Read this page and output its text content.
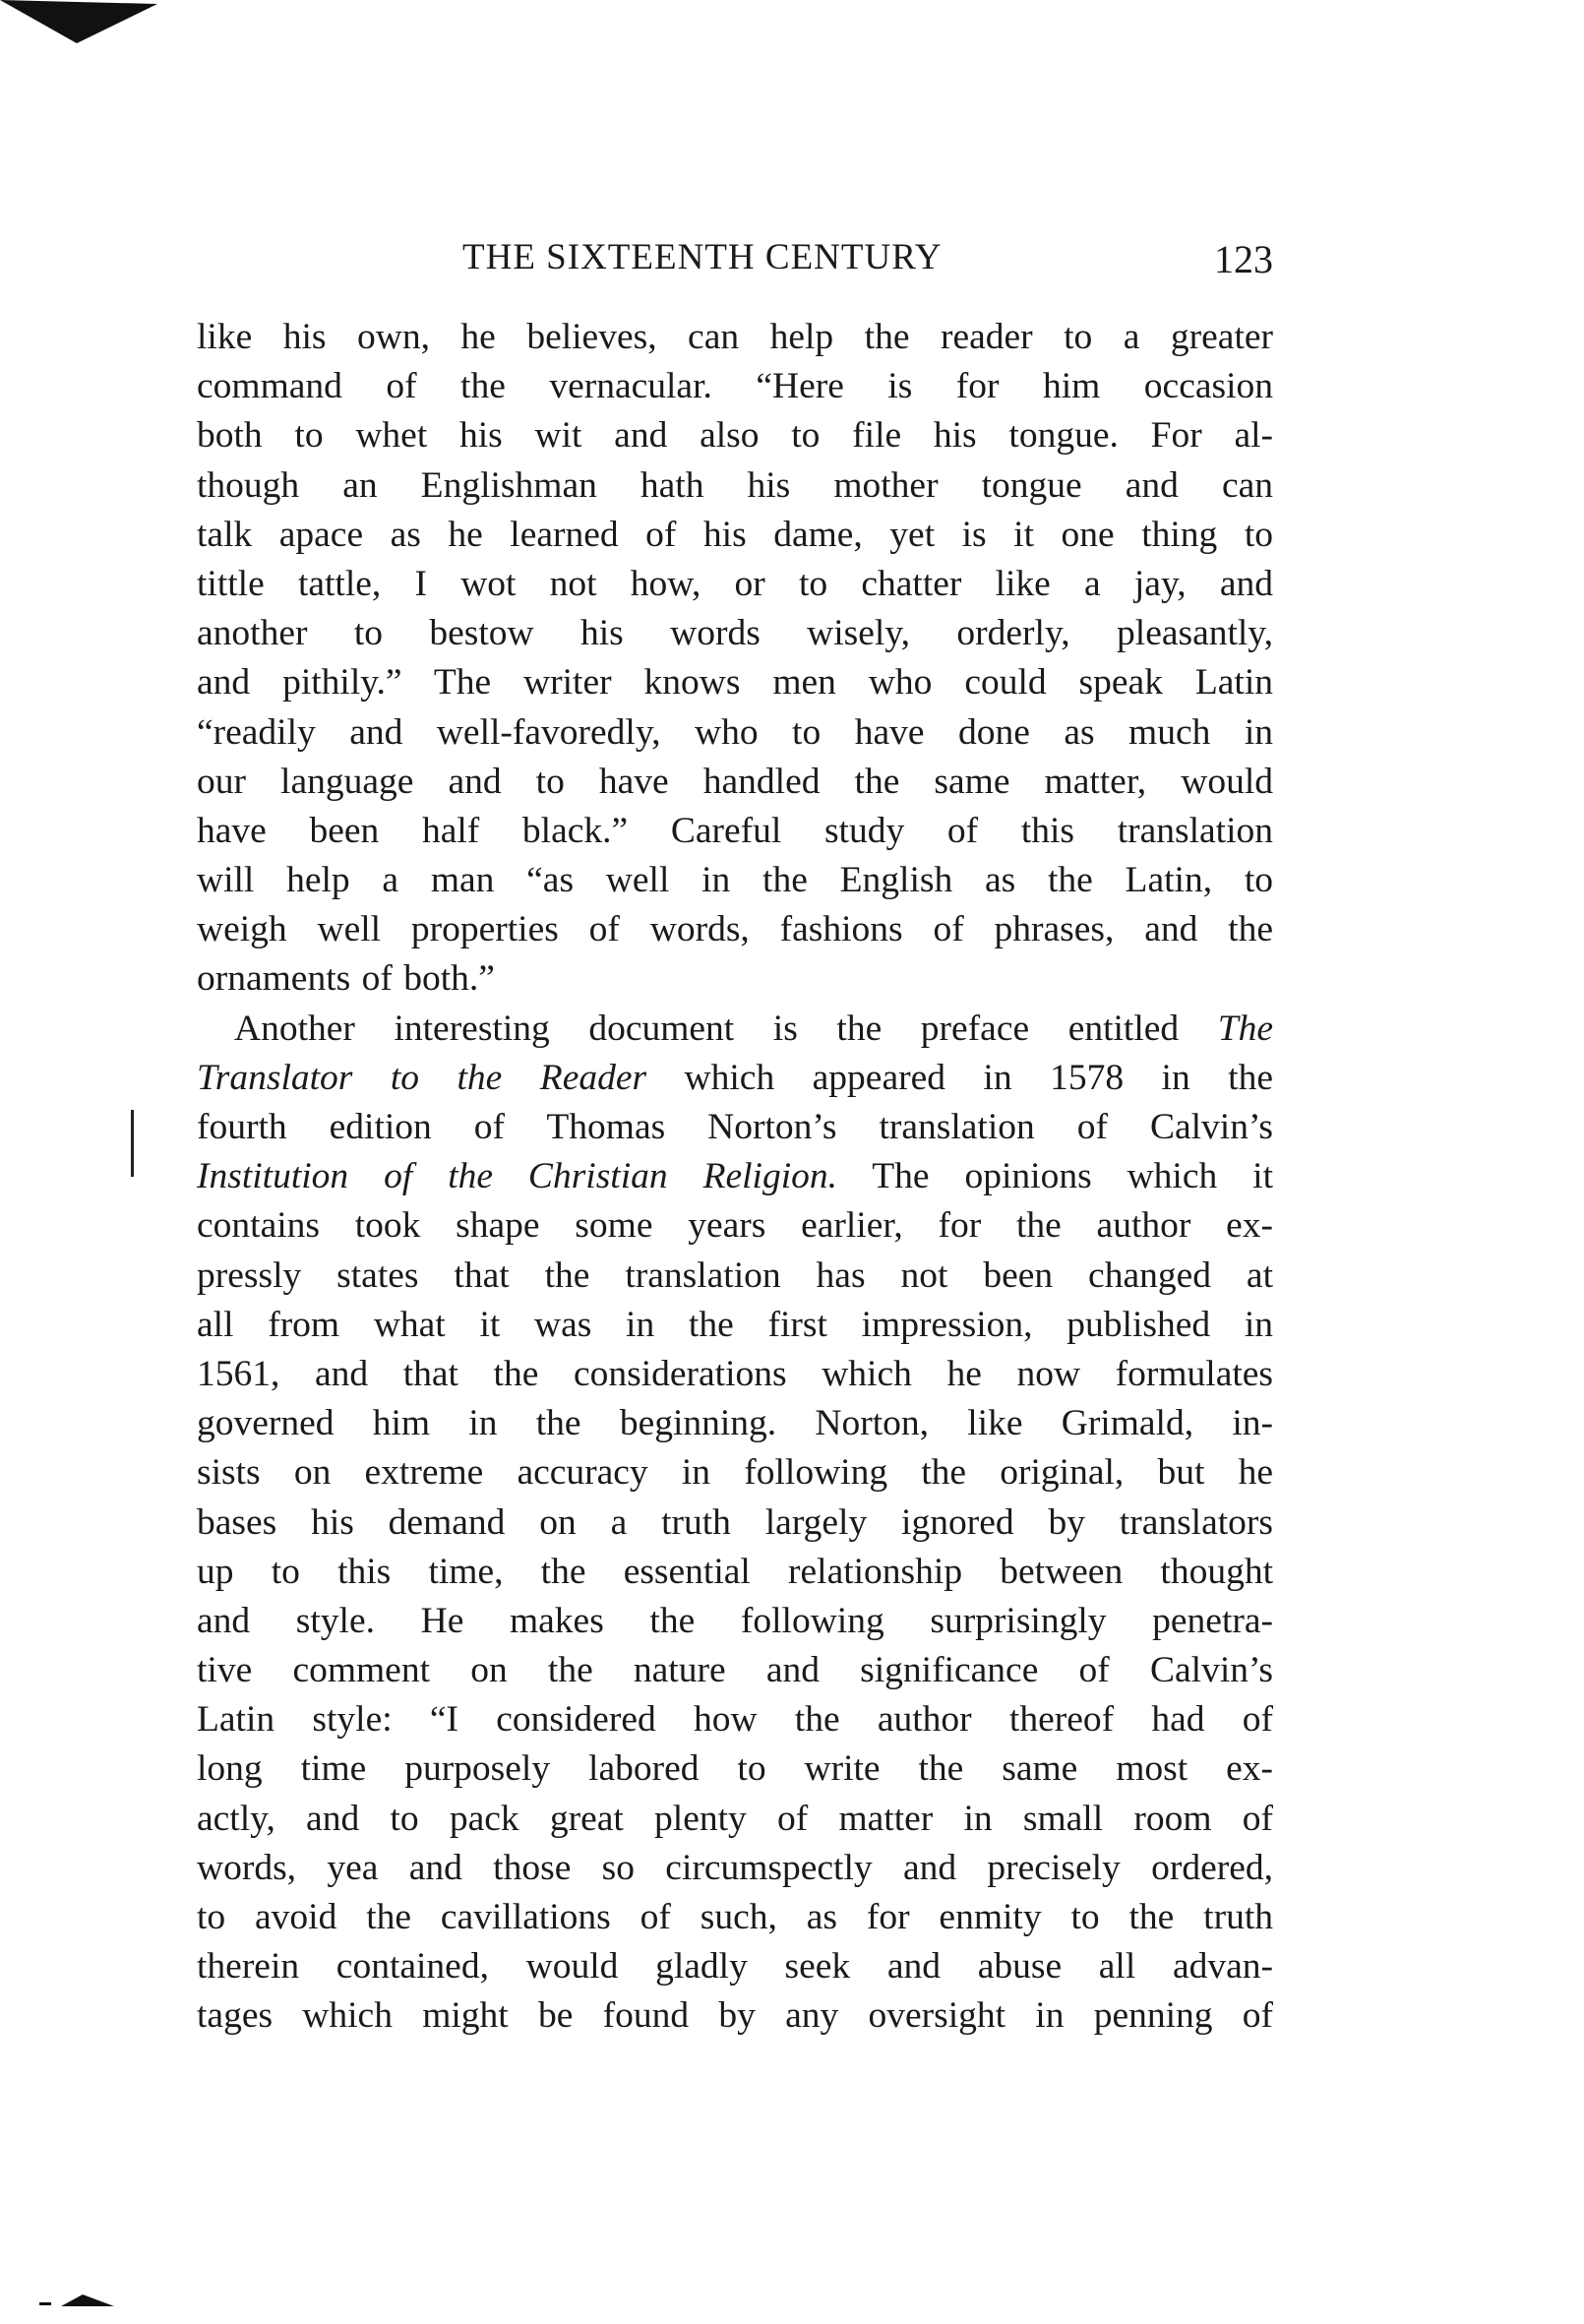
THE SIXTEENTH CENTURY	123
like his own, he believes, can help the reader to a greater
command of the vernacular. “Here is for him occasion
both to whet his wit and also to file his tongue. For al-
though an Englishman hath his mother tongue and can
talk apace as he learned of his dame, yet is it one thing to
tittle tattle, I wot not how, or to chatter like a jay, and
another to bestow his words wisely, orderly, pleasantly,
and pithily.” The writer knows men who could speak Latin
“readily and well-favoredly, who to have done as much in
our language and to have handled the same matter, would
have been half black.” Careful study of this translation
will help a man “as well in the English as the Latin, to
weigh well properties of words, fashions of phrases, and the
ornaments of both.”
Another interesting document is the preface entitled The
Translator to the Reader which appeared in 1578 in the
fourth edition of Thomas Norton’s translation of Calvin’s
Institution of the Christian Religion. The opinions which it
contains took shape some years earlier, for the author ex-
pressly states that the translation has not been changed at
all from what it was in the first impression, published in
1561, and that the considerations which he now formulates
governed him in the beginning. Norton, like Grimald, in-
sists on extreme accuracy in following the original, but he
bases his demand on a truth largely ignored by translators
up to this time, the essential relationship between thought
and style. He makes the following surprisingly penetra-
tive comment on the nature and significance of Calvin’s
Latin style: “I considered how the author thereof had of
long time purposely labored to write the same most ex-
actly, and to pack great plenty of matter in small room of
words, yea and those so circumspectly and precisely ordered,
to avoid the cavillations of such, as for enmity to the truth
therein contained, would gladly seek and abuse all advan-
tages which might be found by any oversight in penning of
